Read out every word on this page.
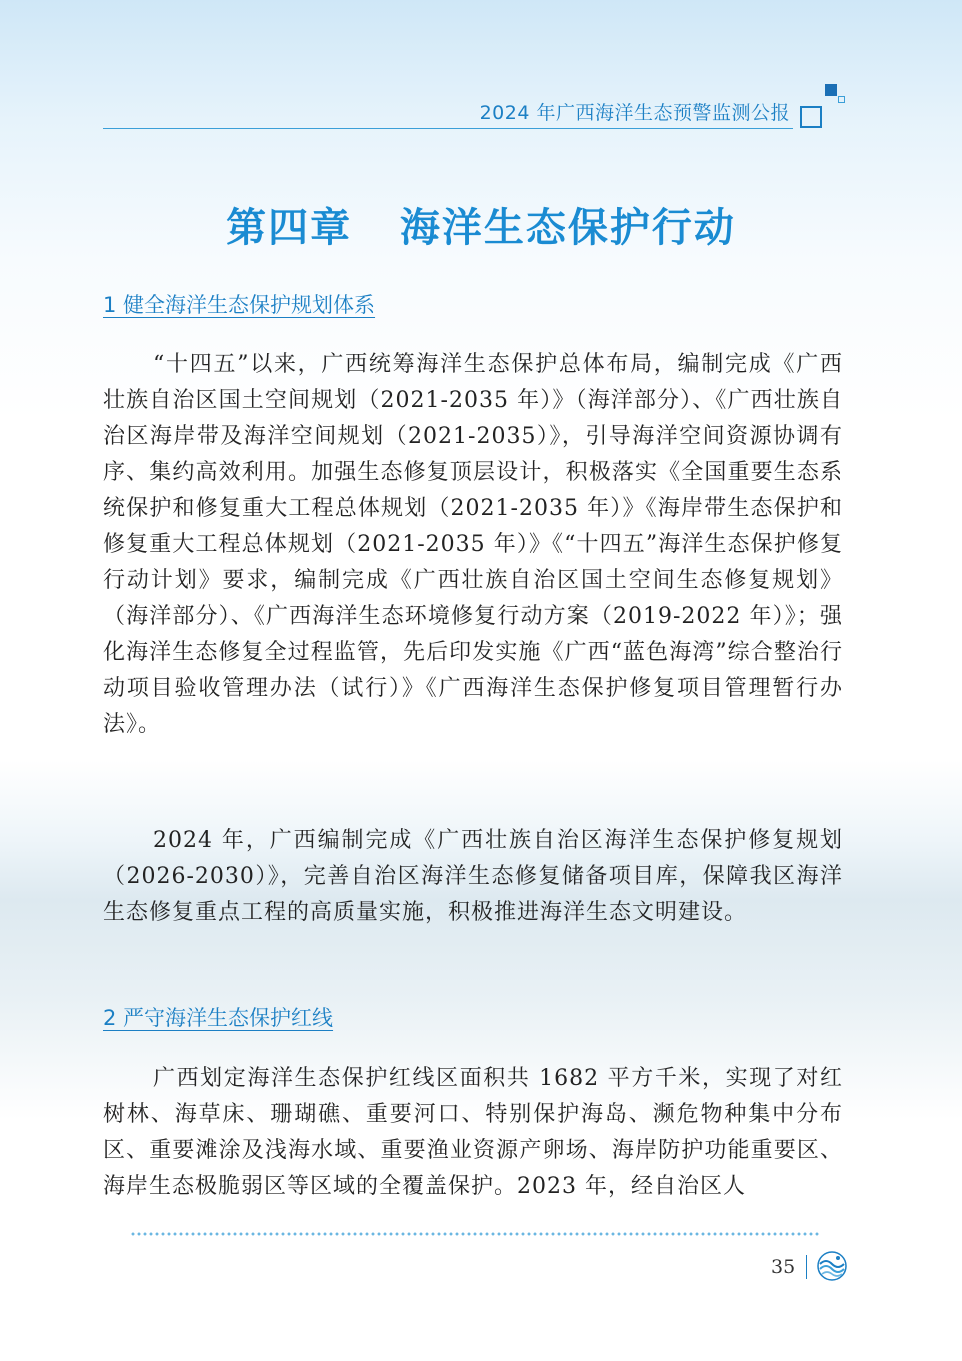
2024 年广西海洋生态预警监测公报
第四章   海洋生态保护行动
1 健全海洋生态保护规划体系

“十四五”以来，广西统筹海洋生态保护总体布局，编制完成《广西壮族自治区国土空间规划（2021-2035 年）》（海洋部分）、《广西壮族自治区海岸带及海洋空间规划（2021-2035）》，引导海洋空间资源协调有序、集约高效利用。加强生态修复顶层设计，积极落实《全国重要生态系统保护和修复重大工程总体规划（2021-2035 年）》《海岸带生态保护和修复重大工程总体规划（2021-2035 年）》《“十四五”海洋生态保护修复行动计划》要求，编制完成《广西壮族自治区国土空间生态修复规划》（海洋部分）、《广西海洋生态环境修复行动方案（2019-2022 年）》；强化海洋生态修复全过程监管，先后印发实施《广西“蓝色海湾”综合整治行动项目验收管理办法（试行）》《广西海洋生态保护修复项目管理暂行办法》。

2024 年，广西编制完成《广西壮族自治区海洋生态保护修复规划（2026-2030）》，完善自治区海洋生态修复储备项目库，保障我区海洋生态修复重点工程的高质量实施，积极推进海洋生态文明建设。

2 严守海洋生态保护红线

广西划定海洋生态保护红线区面积共 1682 平方千米，实现了对红树林、海草床、珊瑚礁、重要河口、特别保护海岛、濒危物种集中分布区、重要滩涂及浅海水域、重要渔业资源产卵场、海岸防护功能重要区、海岸生态极脆弱区等区域的全覆盖保护。2023 年，经自治区人

35
